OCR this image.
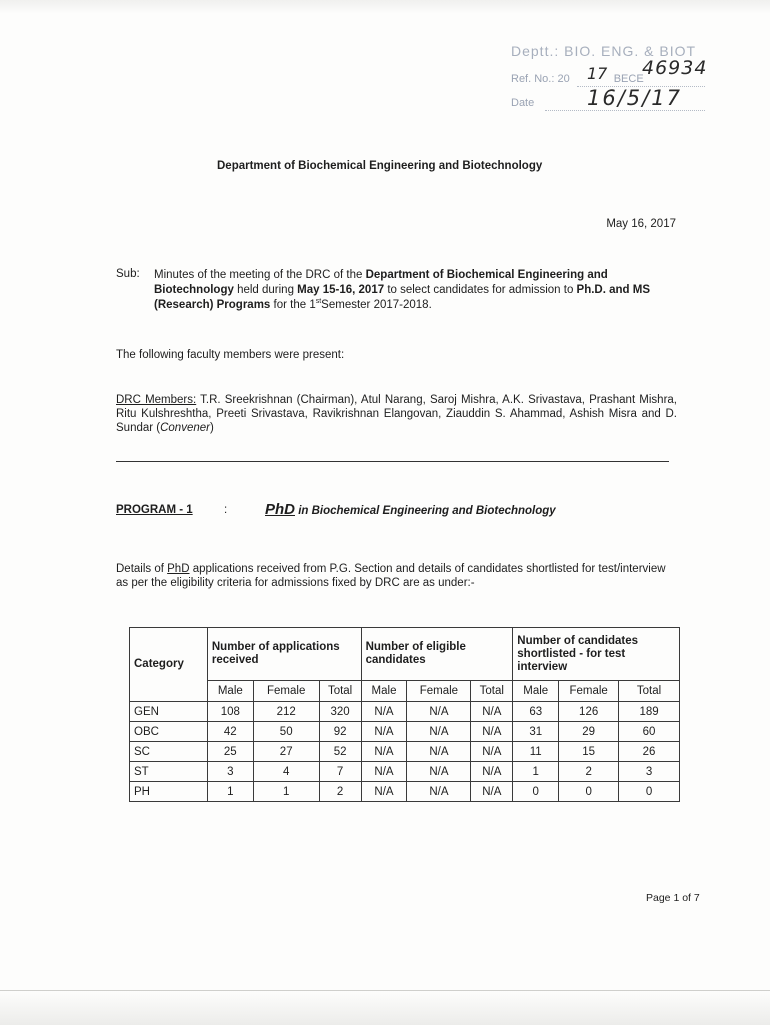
Deptt.: BIO. ENG. & BIOT
Ref. No.: 20	BECE
Date
17 46934
16/5/17
Department of Biochemical Engineering and Biotechnology
May 16, 2017
Sub: Minutes of the meeting of the DRC of the Department of Biochemical Engineering and Biotechnology held during May 15-16, 2017 to select candidates for admission to Ph.D. and MS (Research) Programs for the 1stSemester 2017-2018.
The following faculty members were present:
DRC Members: T.R. Sreekrishnan (Chairman), Atul Narang, Saroj Mishra, A.K. Srivastava, Prashant Mishra, Ritu Kulshreshtha, Preeti Srivastava, Ravikrishnan Elangovan, Ziauddin S. Ahammad, Ashish Misra and D. Sundar (Convener)
PROGRAM - 1	:	PhD in Biochemical Engineering and Biotechnology
Details of PhD applications received from P.G. Section and details of candidates shortlisted for test/interview as per the eligibility criteria for admissions fixed by DRC are as under:-
Category	Number of applications received			Number of eligible candidates			Number of candidates shortlisted - for test interview		
	Male	Female	Total	Male	Female	Total	Male	Female	Total
GEN	108	212	320	N/A	N/A	N/A	63	126	189
OBC	42	50	92	N/A	N/A	N/A	31	29	60
SC	25	27	52	N/A	N/A	N/A	11	15	26
ST	3	4	7	N/A	N/A	N/A	1	2	3
PH	1	1	2	N/A	N/A	N/A	0	0	0
Page 1 of 7
